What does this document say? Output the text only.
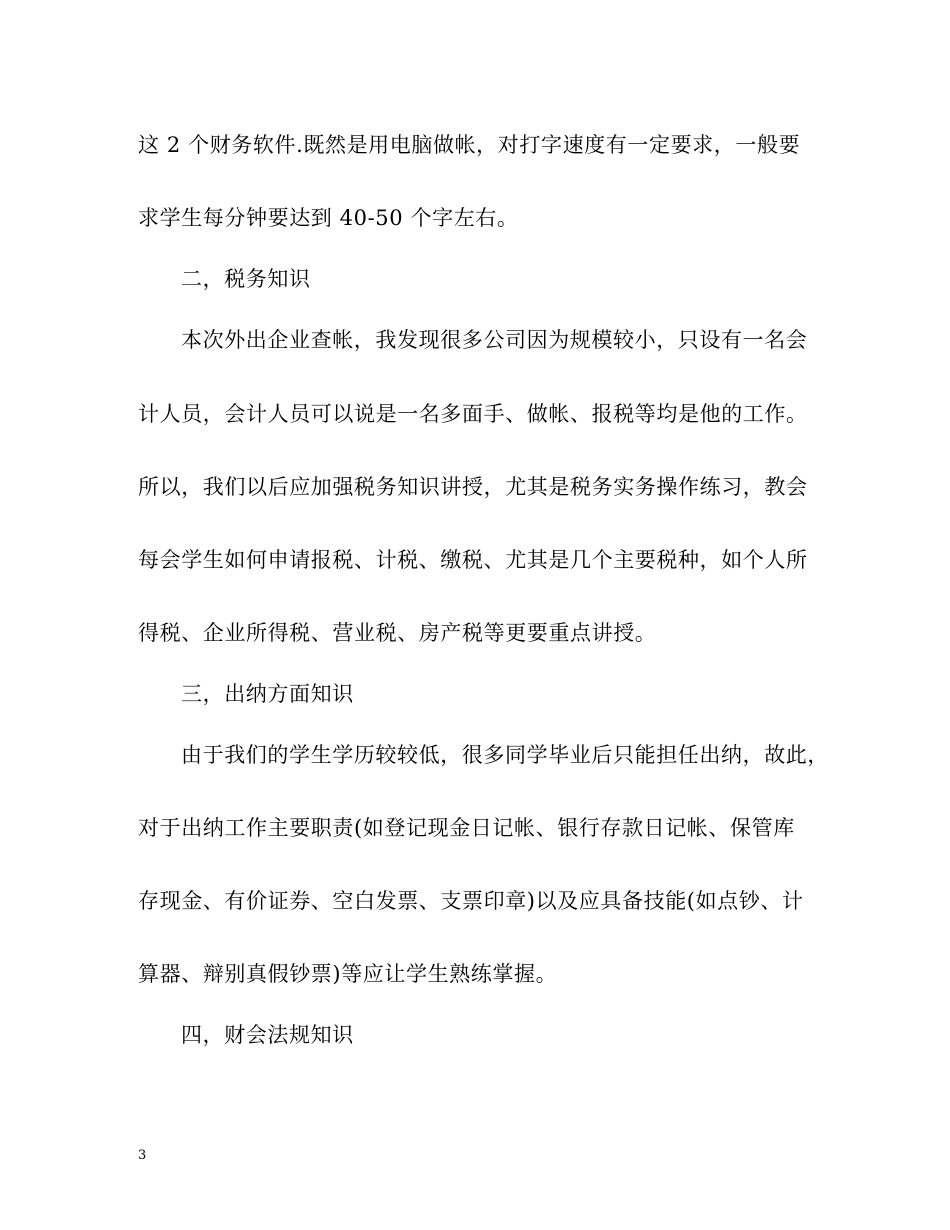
这 2 个财务软件.既然是用电脑做帐，对打字速度有一定要求，一般要
求学生每分钟要达到 40-50 个字左右。
二，税务知识
本次外出企业查帐，我发现很多公司因为规模较小，只设有一名会
计人员，会计人员可以说是一名多面手、做帐、报税等均是他的工作。
所以，我们以后应加强税务知识讲授，尤其是税务实务操作练习，教会
每会学生如何申请报税、计税、缴税、尤其是几个主要税种，如个人所
得税、企业所得税、营业税、房产税等更要重点讲授。
三，出纳方面知识
由于我们的学生学历较较低，很多同学毕业后只能担任出纳，故此，
对于出纳工作主要职责(如登记现金日记帐、银行存款日记帐、保管库
存现金、有价证券、空白发票、支票印章)以及应具备技能(如点钞、计
算器、辩别真假钞票)等应让学生熟练掌握。
四，财会法规知识
3
